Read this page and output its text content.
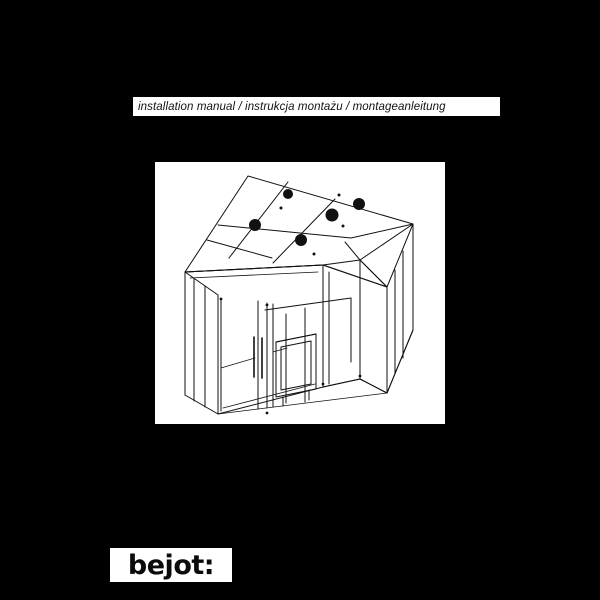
installation manual / instrukcja montażu / montageanleitung
bejot:
